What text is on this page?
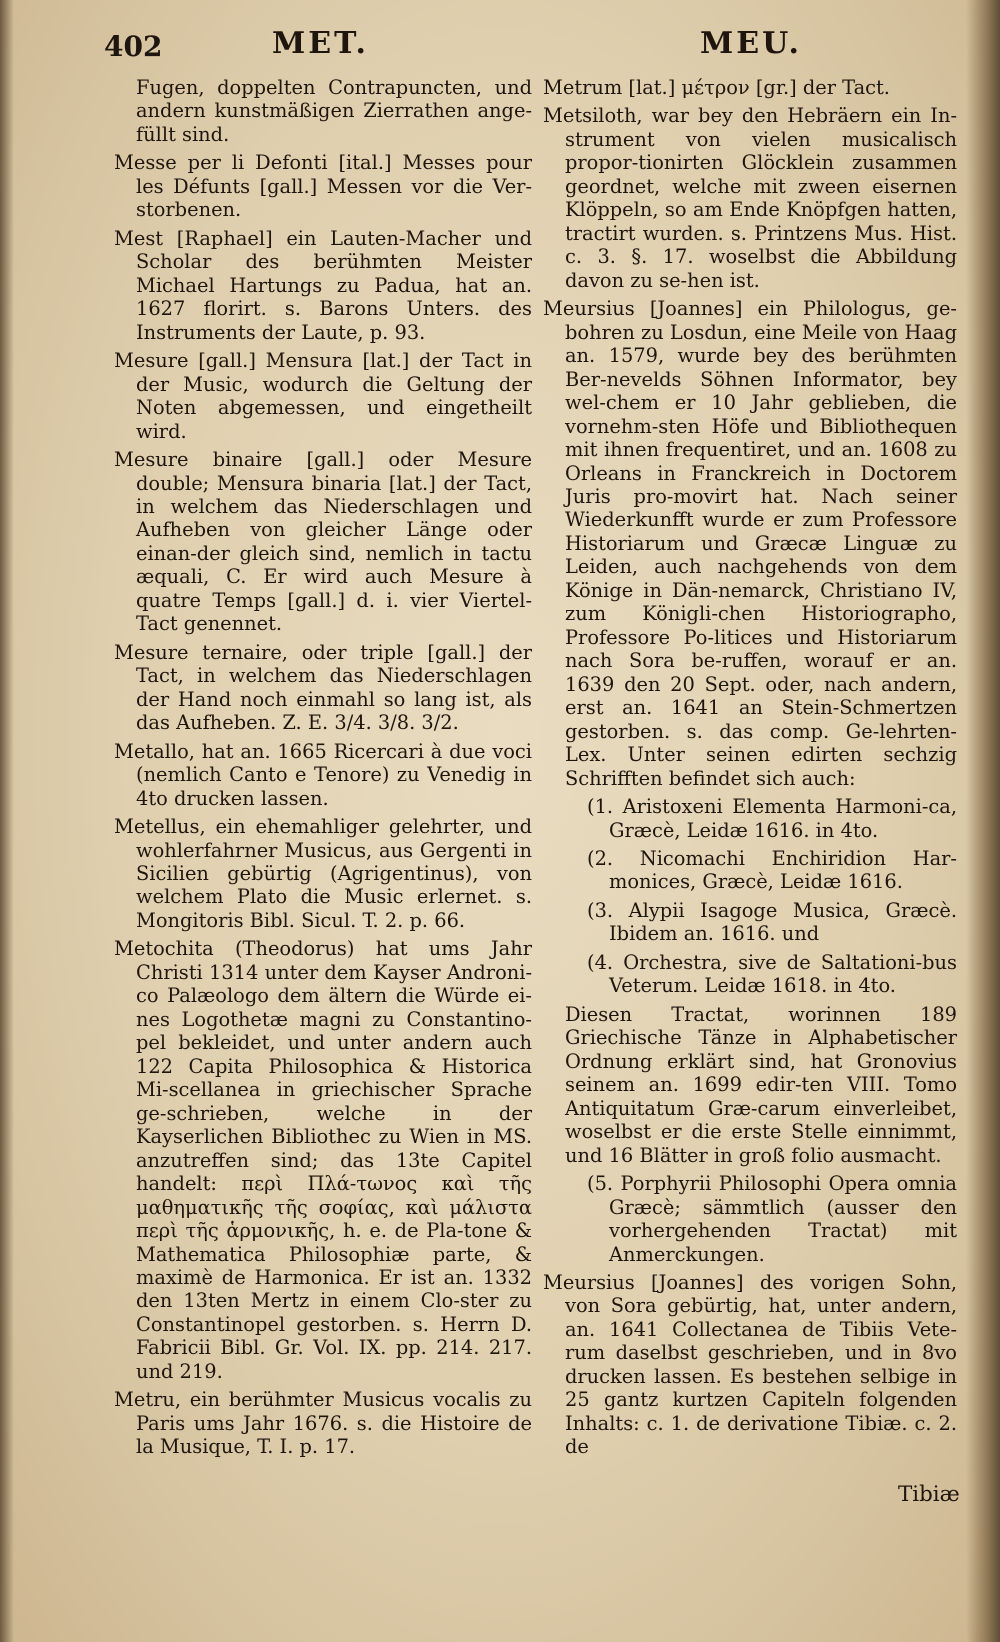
402	MET.	MEU.

Fugen, doppelten Contrapuncten, und andern kunstmäßigen Zierrathen ange-füllt sind.

Messe per li Defonti [ital.] Messes pour les Défunts [gall.] Messen vor die Ver-storbenen.

Mest [Raphael] ein Lauten-Macher und Scholar des berühmten Meister Michael Hartungs zu Padua, hat an. 1627 florirt. s. Barons Unters. des Instruments der Laute, p. 93.

Mesure [gall.] Mensura [lat.] der Tact in der Music, wodurch die Geltung der Noten abgemessen, und eingetheilt wird.

Mesure binaire [gall.] oder Mesure double; Mensura binaria [lat.] der Tact, in welchem das Niederschlagen und Aufheben von gleicher Länge oder einan-der gleich sind, nemlich in tactu æquali, C. Er wird auch Mesure à quatre Temps [gall.] d. i. vier Viertel-Tact genennet.

Mesure ternaire, oder triple [gall.] der Tact, in welchem das Niederschlagen der Hand noch einmahl so lang ist, als das Aufheben. Z. E. 3/4. 3/8. 3/2.

Metallo, hat an. 1665 Ricercari à due voci (nemlich Canto e Tenore) zu Venedig in 4to drucken lassen.

Metellus, ein ehemahliger gelehrter, und wohlerfahrner Musicus, aus Gergenti in Sicilien gebürtig (Agrigentinus), von welchem Plato die Music erlernet. s. Mongitoris Bibl. Sicul. T. 2. p. 66.

Metochita (Theodorus) hat ums Jahr Christi 1314 unter dem Kayser Androni-co Palæologo dem ältern die Würde ei-nes Logothetæ magni zu Constantino-pel bekleidet, und unter andern auch 122 Capita Philosophica & Historica Mi-scellanea in griechischer Sprache ge-schrieben, welche in der Kayserlichen Bibliothec zu Wien in MS. anzutreffen sind; das 13te Capitel handelt: περὶ Πλά-τωνος καὶ τῆς μαθηματικῆς τῆς σοφίας, καὶ μάλιστα περὶ τῆς ἁρμονικῆς, h. e. de Pla-tone & Mathematica Philosophiæ parte, & maximè de Harmonica. Er ist an. 1332 den 13ten Mertz in einem Clo-ster zu Constantinopel gestorben. s. Herrn D. Fabricii Bibl. Gr. Vol. IX. pp. 214. 217. und 219.

Metru, ein berühmter Musicus vocalis zu Paris ums Jahr 1676. s. die Histoire de la Musique, T. I. p. 17.

Metrum [lat.] μέτρον [gr.] der Tact.

Metsiloth, war bey den Hebräern ein In-strument von vielen musicalisch propor-tionirten Glöcklein zusammen geordnet, welche mit zween eisernen Klöppeln, so am Ende Knöpfgen hatten, tractirt wurden. s. Printzens Mus. Hist. c. 3. §. 17. woselbst die Abbildung davon zu se-hen ist.

Meursius [Joannes] ein Philologus, ge-bohren zu Losdun, eine Meile von Haag an. 1579, wurde bey des berühmten Ber-nevelds Söhnen Informator, bey wel-chem er 10 Jahr geblieben, die vornehm-sten Höfe und Bibliothequen mit ihnen frequentiret, und an. 1608 zu Orleans in Franckreich in Doctorem Juris pro-movirt hat. Nach seiner Wiederkunfft wurde er zum Professore Historiarum und Græcæ Linguæ zu Leiden, auch nachgehends von dem Könige in Dän-nemarck, Christiano IV, zum Königli-chen Historiographo, Professore Po-litices und Historiarum nach Sora be-ruffen, worauf er an. 1639 den 20 Sept. oder, nach andern, erst an. 1641 an Stein-Schmertzen gestorben. s. das comp. Ge-lehrten-Lex. Unter seinen edirten sechzig Schrifften befindet sich auch:

(1. Aristoxeni Elementa Harmoni-ca, Græcè, Leidæ 1616. in 4to.

(2. Nicomachi Enchiridion Har-monices, Græcè, Leidæ 1616.

(3. Alypii Isagoge Musica, Græcè. Ibidem an. 1616. und

(4. Orchestra, sive de Saltationi-bus Veterum. Leidæ 1618. in 4to.

Diesen Tractat, worinnen 189 Griechische Tänze in Alphabetischer Ordnung erklärt sind, hat Gronovius seinem an. 1699 edir-ten VIII. Tomo Antiquitatum Græ-carum einverleibet, woselbst er die erste Stelle einnimmt, und 16 Blätter in groß folio ausmacht.

(5. Porphyrii Philosophi Opera omnia Græcè; sämmtlich (ausser den vorhergehenden Tractat) mit Anmerckungen.

Meursius [Joannes] des vorigen Sohn, von Sora gebürtig, hat, unter andern, an. 1641 Collectanea de Tibiis Vete-rum daselbst geschrieben, und in 8vo drucken lassen. Es bestehen selbige in 25 gantz kurtzen Capiteln folgenden Inhalts: c. 1. de derivatione Tibiæ. c. 2. de

Tibiæ
